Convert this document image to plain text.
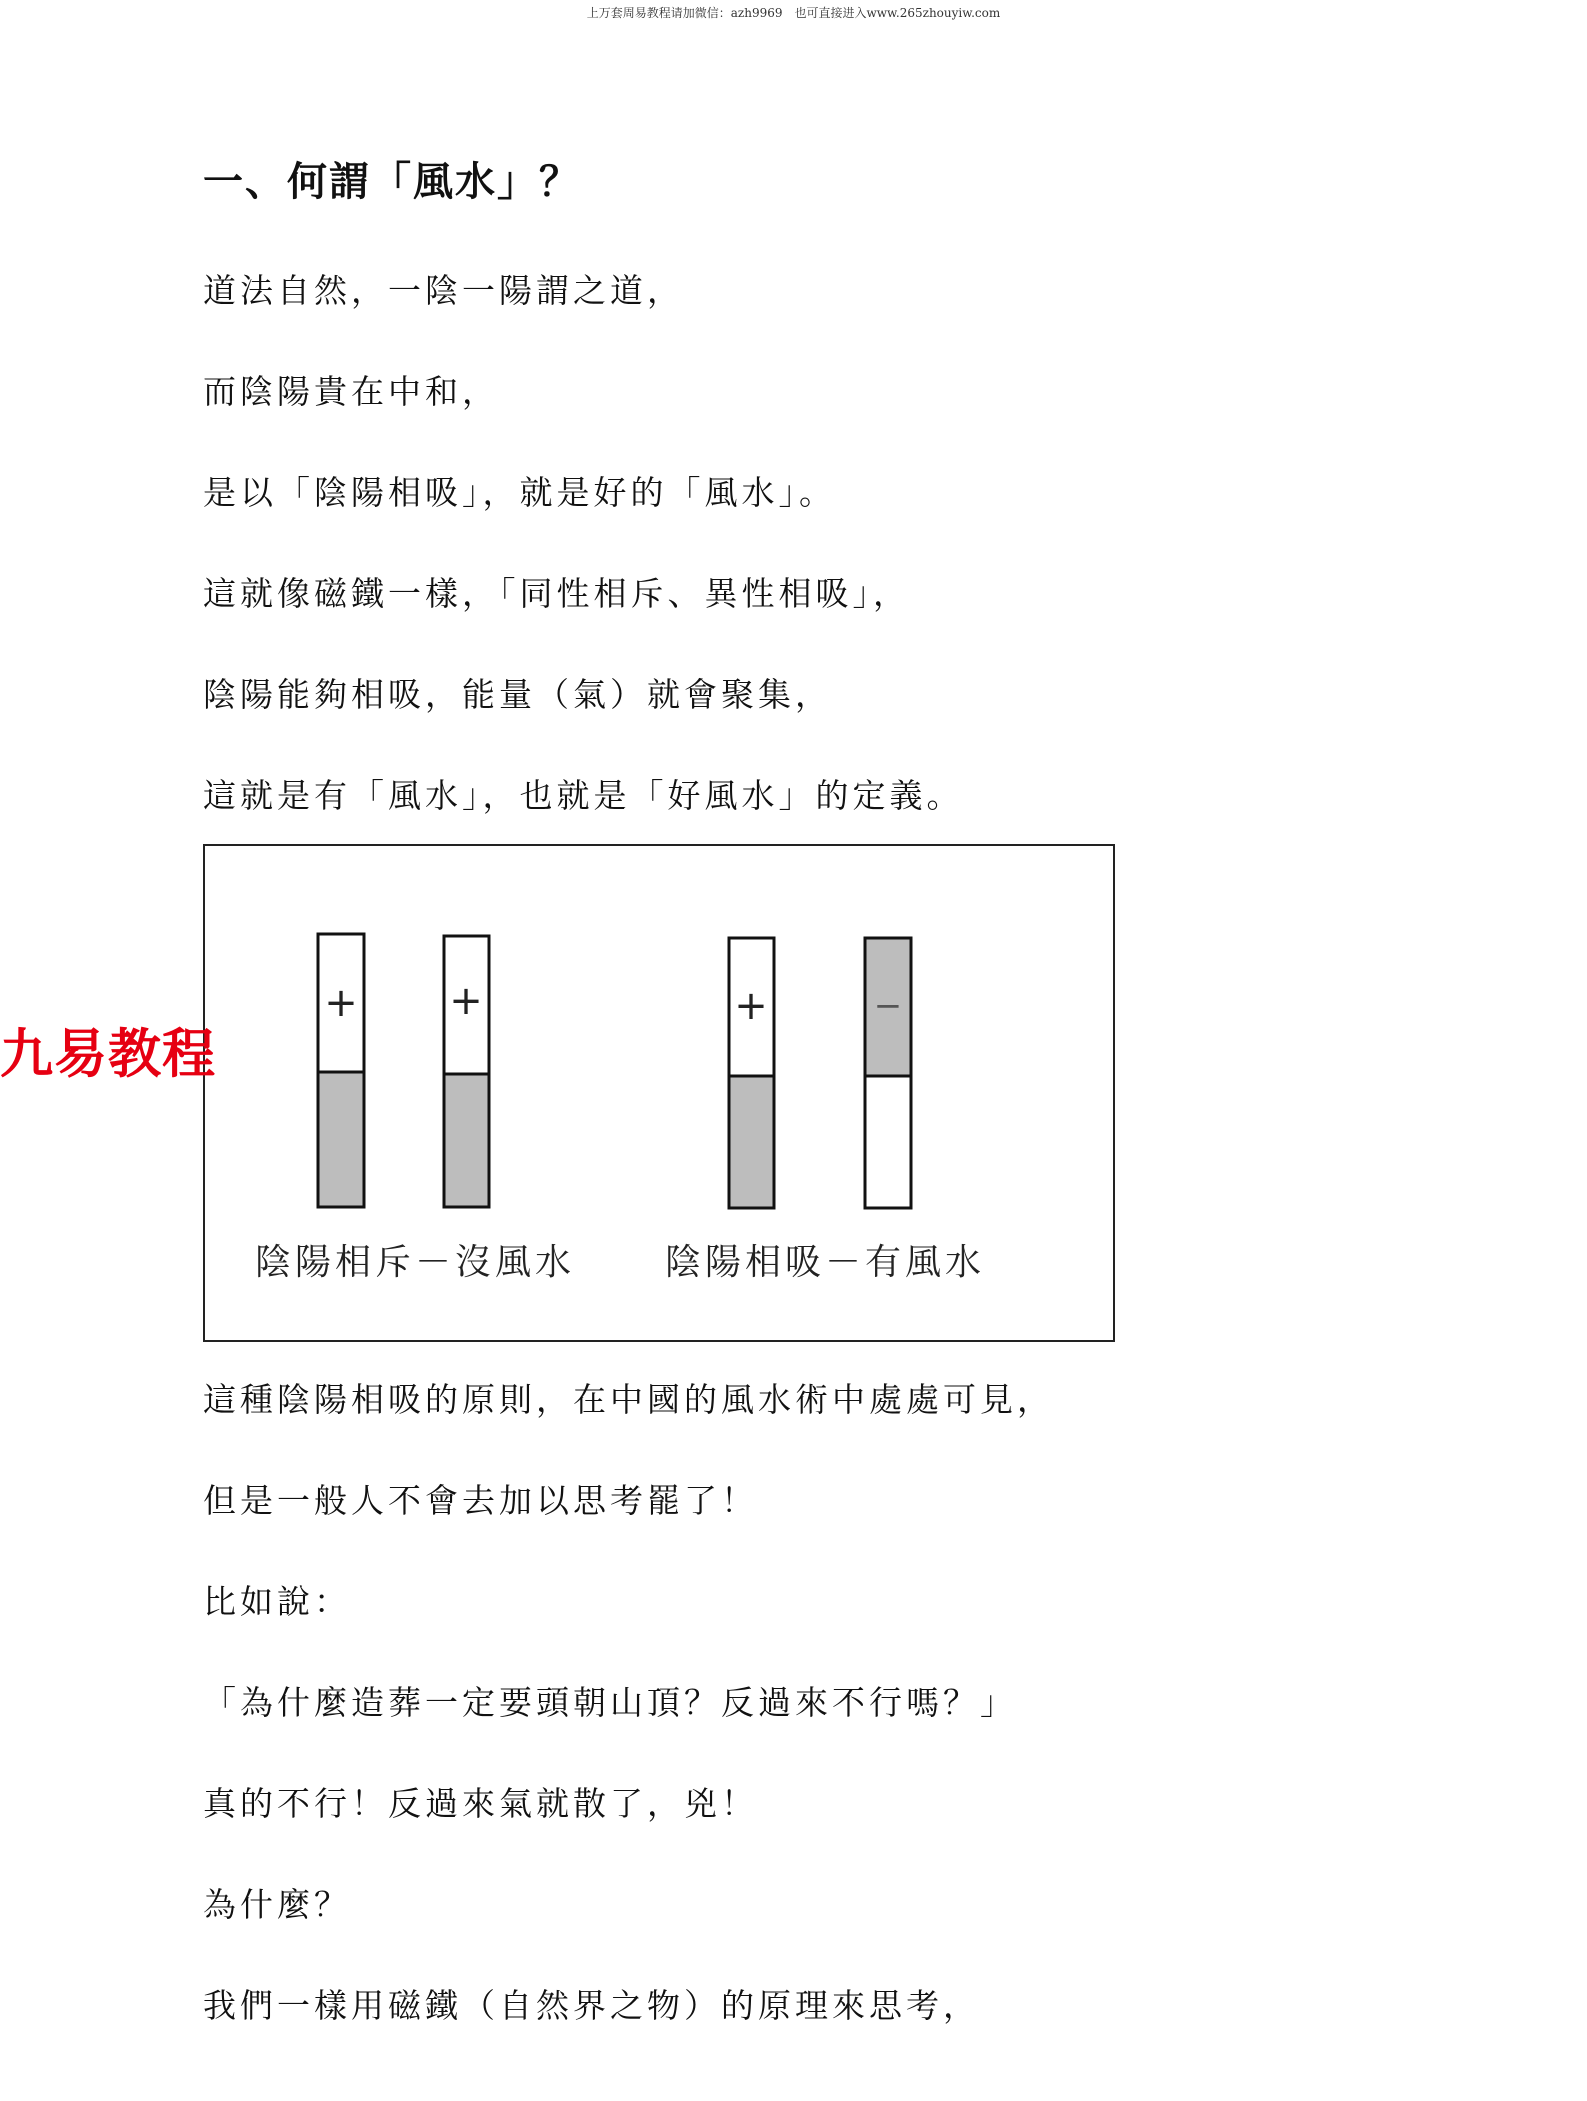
上万套周易教程请加微信：azh9969　也可直接进入www.265zhouyiw.com
一、何謂「風水」？
道法自然，一陰一陽謂之道，
而陰陽貴在中和，
是以「陰陽相吸」，就是好的「風水」。
這就像磁鐵一樣，「同性相斥、異性相吸」，
陰陽能夠相吸，能量（氣）就會聚集，
這就是有「風水」，也就是「好風水」的定義。
+ +	+	−
陰陽相斥－沒風水 陰陽相吸－有風水
九易教程
這種陰陽相吸的原則，在中國的風水術中處處可見，
但是一般人不會去加以思考罷了！
比如說：
「為什麼造葬一定要頭朝山頂？反過來不行嗎？」
真的不行！反過來氣就散了，兇！
為什麼？
我們一樣用磁鐵（自然界之物）的原理來思考，
